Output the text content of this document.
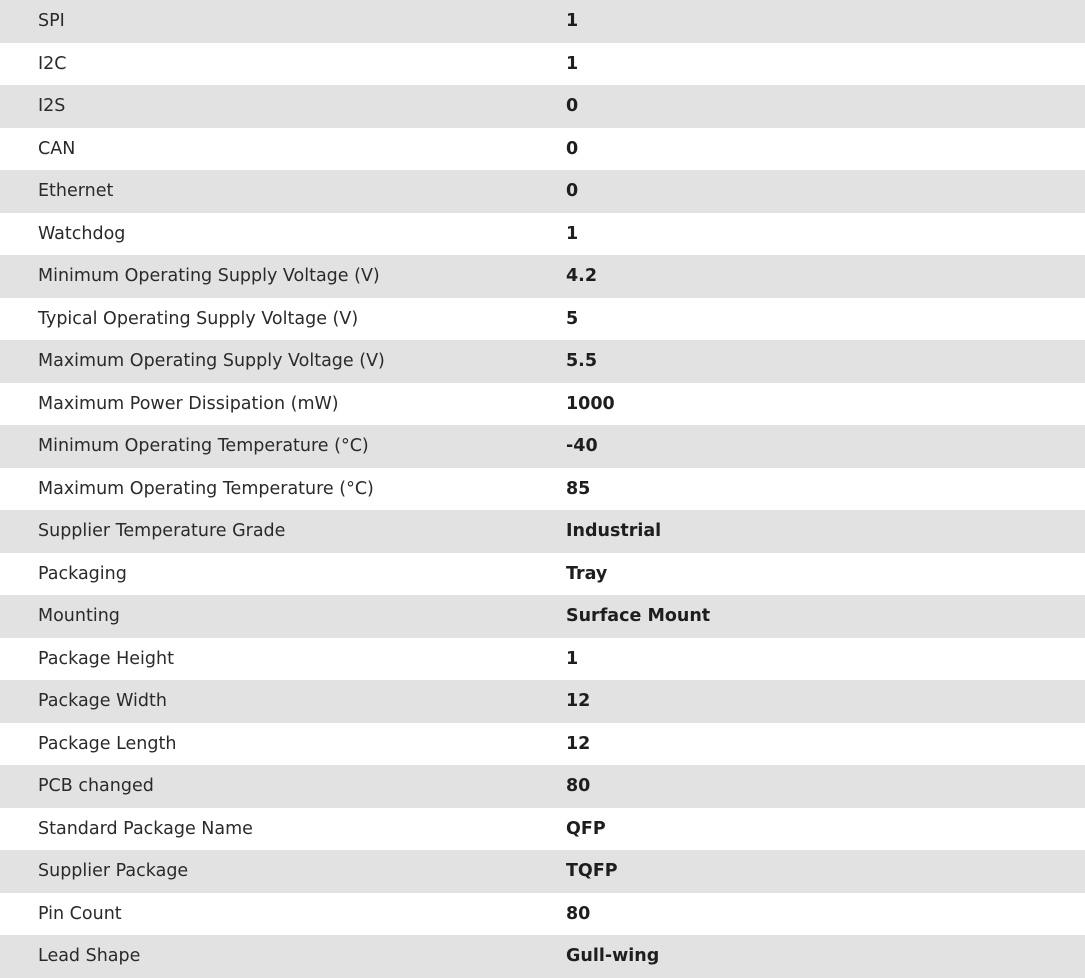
SPI	1
I2C	1
I2S	0
CAN	0
Ethernet	0
Watchdog	1
Minimum Operating Supply Voltage (V)	4.2
Typical Operating Supply Voltage (V)	5
Maximum Operating Supply Voltage (V)	5.5
Maximum Power Dissipation (mW)	1000
Minimum Operating Temperature (°C)	-40
Maximum Operating Temperature (°C)	85
Supplier Temperature Grade	Industrial
Packaging	Tray
Mounting	Surface Mount
Package Height	1
Package Width	12
Package Length	12
PCB changed	80
Standard Package Name	QFP
Supplier Package	TQFP
Pin Count	80
Lead Shape	Gull-wing
